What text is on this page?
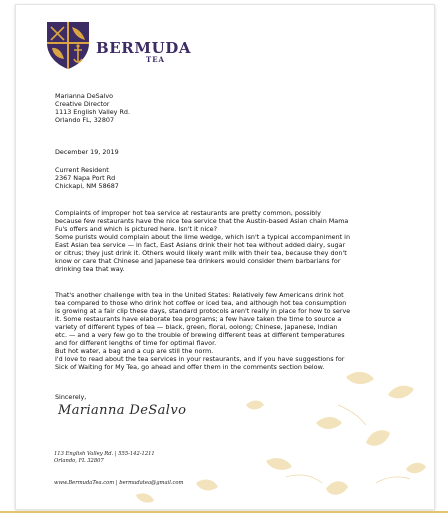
BERMUDA
TEA
Marianna DeSalvo
Creative Director
1113 English Valley Rd.
Orlando FL, 32807
December 19, 2019
Current Resident
2367 Napa Port Rd
Chickapi, NM 58687
Complaints of improper hot tea service at restaurants are pretty common, possibly
because few restaurants have the nice tea service that the Austin-based Asian chain Mama
Fu's offers and which is pictured here. Isn't it nice?
Some purists would complain about the lime wedge, which isn't a typical accompaniment in
East Asian tea service — in fact, East Asians drink their hot tea without added dairy, sugar
or citrus; they just drink it. Others would likely want milk with their tea, because they don't
know or care that Chinese and Japanese tea drinkers would consider them barbarians for
drinking tea that way.
That's another challenge with tea in the United States: Relatively few Americans drink hot
tea compared to those who drink hot coffee or iced tea, and although hot tea consumption
is growing at a fair clip these days, standard protocols aren't really in place for how to serve
it. Some restaurants have elaborate tea programs; a few have taken the time to source a
variety of different types of tea — black, green, floral, oolong; Chinese, Japanese, Indian
etc. — and a very few go to the trouble of brewing different teas at different temperatures
and for different lengths of time for optimal flavor.
But hot water, a bag and a cup are still the norm.
I'd love to read about the tea services in your restaurants, and if you have suggestions for
Sick of Waiting for My Tea, go ahead and offer them in the comments section below.
Sincerely,
Marianna DeSalvo
113 English Valley Rd. | 555-142-1211
Orlando, FL 32807
www.BermudaTea.com | bermudatea@gmail.com
